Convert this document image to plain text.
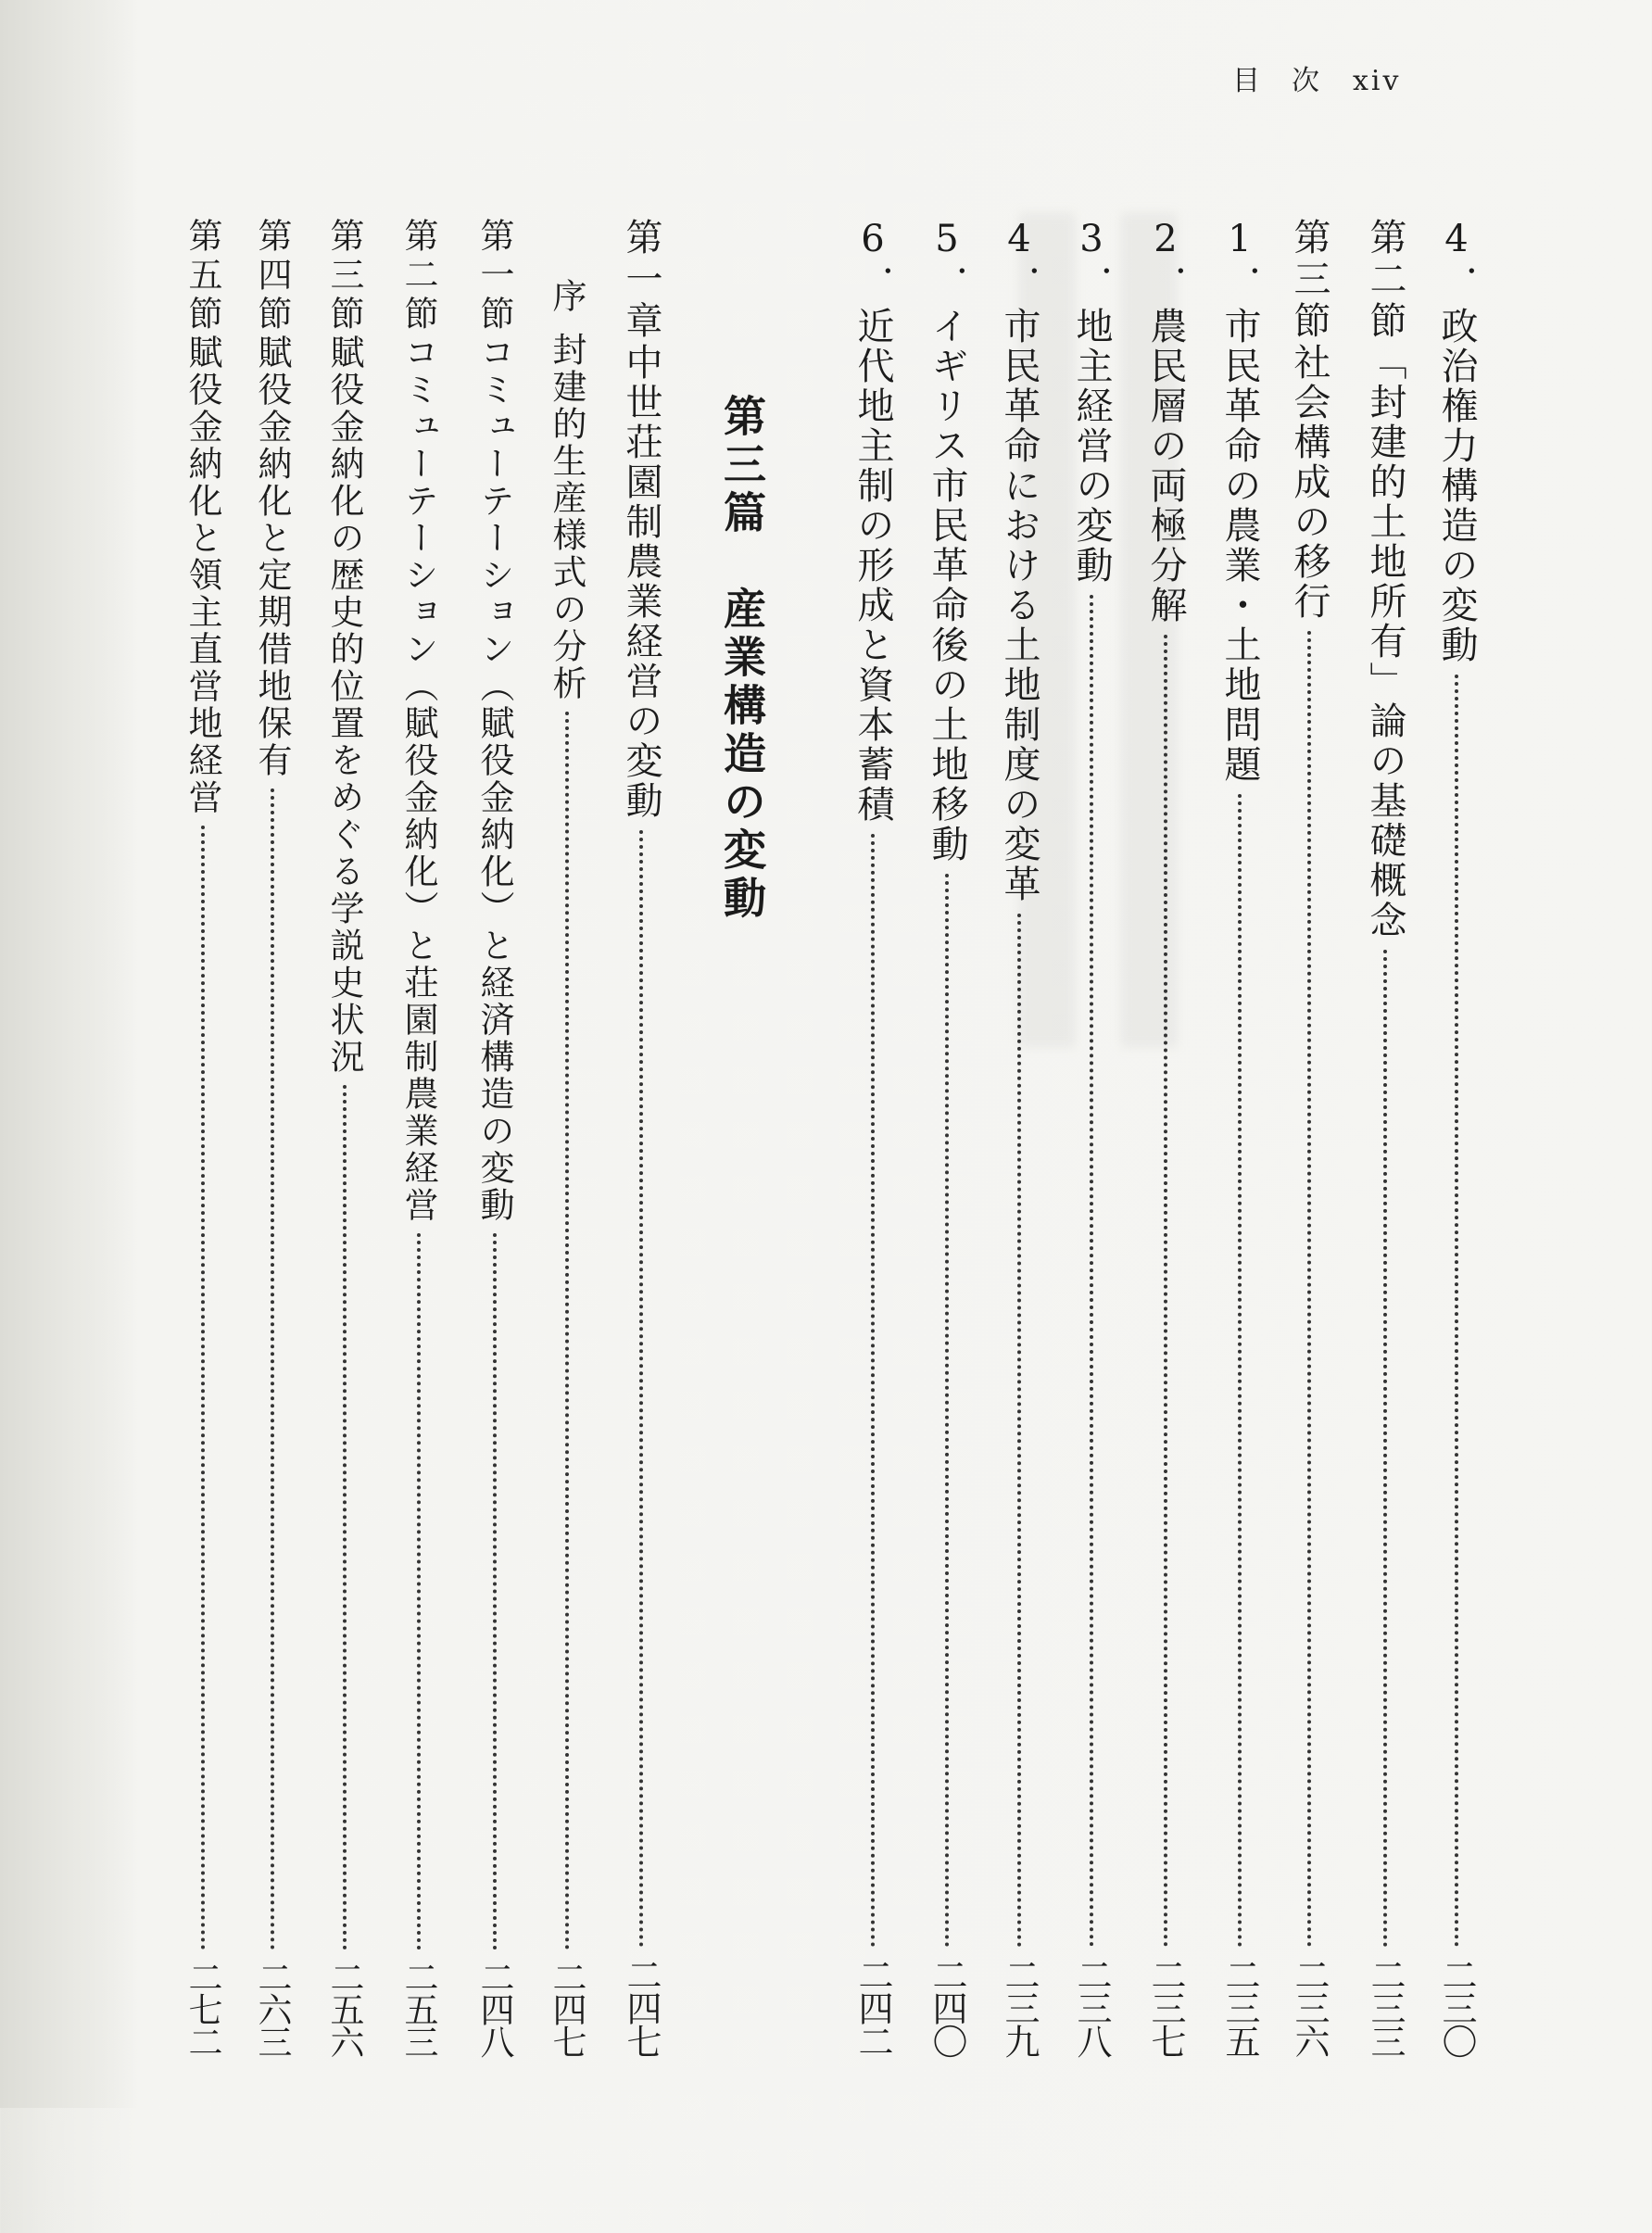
目　次 xiv
4．
政治権力構造の変動
二三〇
第二節
「封建的土地所有」論の基礎概念
二三三
第三節
社会構成の移行
二三六
1．
市民革命の農業・土地問題
二三五
2．
農民層の両極分解
二三七
3．
地主経営の変動
二三八
4．
市民革命における土地制度の変革
二三九
5．
イギリス市民革命後の土地移動
二四〇
6．
近代地主制の形成と資本蓄積
二四二
第三篇　産業構造の変動
第一章
中世荘園制農業経営の変動
二四七
序
封建的生産様式の分析
二四七
第一節
コミューテーション（賦役金納化）と経済構造の変動
二四八
第二節
コミューテーション（賦役金納化）と荘園制農業経営
二五三
第三節
賦役金納化の歴史的位置をめぐる学説史状況
二五六
第四節
賦役金納化と定期借地保有
二六三
第五節
賦役金納化と領主直営地経営
二七二
